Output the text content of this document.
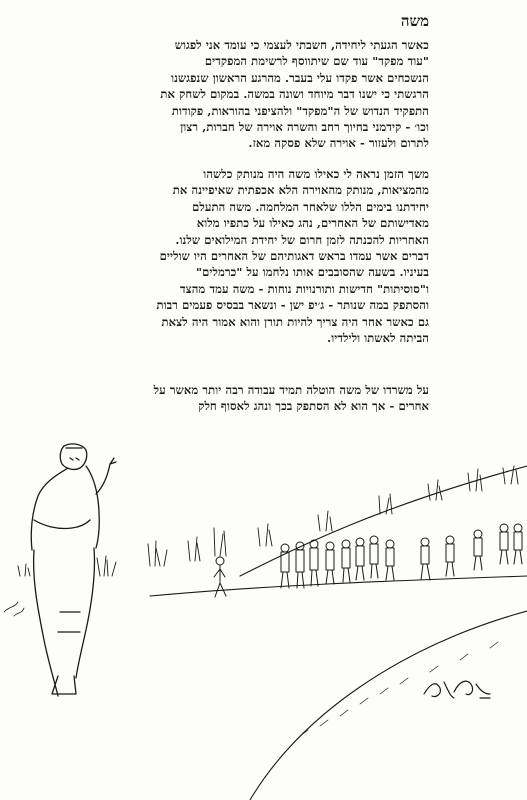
משה
כאשר הגעתי ליחידה, חשבתי לעצמי כי עומד אני לפגוש
"עוד מפקד" עוד שם שיתווסף לרשימת המפקדים
הנשכחים אשר פקדו עלי בעבר. מהרגע הראשון שנפגשנו
הרגשתי כי ישנו דבר מיוחד ושונה במשה. במקום לשחק את
התפקיד הנדוש של ה"מפקד" ולהציפני בהוראות, פקודות
וכו׳ - קידמני בחיוך רחב והשרה אוירה של חברות, רצון
לתרום ולעזור - אוירה שלא פסקה מאז.
משך הזמן נראה לי כאילו משה היה מנותק כלשהו
מהמציאות, מנותק מהאוירה הלא אכפתית שאיפיינה את
יחידתנו בימים הללו שלאחר המלחמה. משה התעלם
מאדישותם של האחרים, נהג כאילו על כתפיו מלוא
האחריות להכנתה לזמן חרום של יחידת המילואים שלנו.
דברים אשר עמדו בראש דאגותיהם של האחרים היו שוליים
בעיניו. בשעה שהסובבים אותו נלחמו על "כרמלים"
ו"סוסיתות" חדישות ותורנויות נוחות - משה עמד מהצד
והסתפק במה שנותר - ג׳יפ ישן - ונשאר בבסיס פעמים רבות
גם כאשר אחר היה צריך להיות תורן והוא אמור היה לצאת
הביתה לאשתו ולילדיו.
על משרדו של משה הוטלה תמיד עבודה רבה יותר מאשר על
אחרים - אך הוא לא הסתפק בכך ונהג לאסוף חלק
